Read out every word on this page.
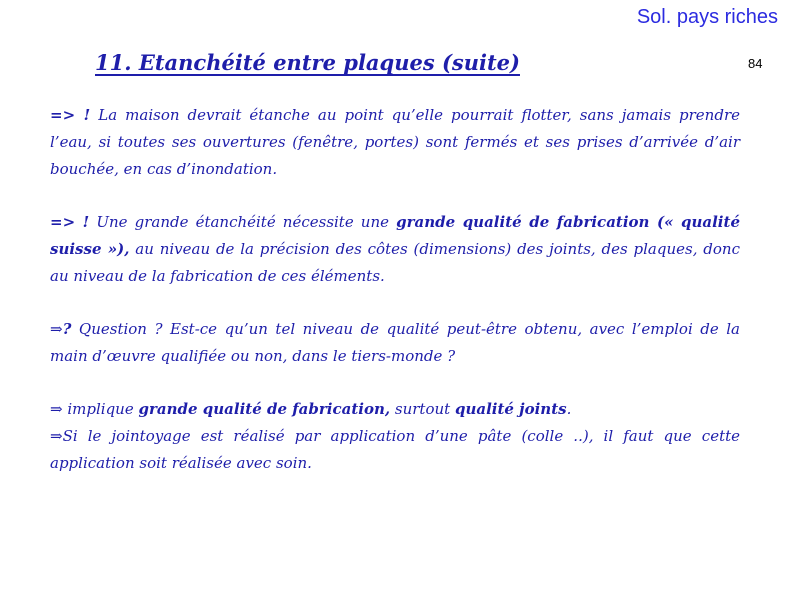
Sol. pays riches
11. Etanchéité entre plaques (suite)	84

=> ! La maison devrait étanche au point qu’elle pourrait flotter, sans jamais prendre l’eau, si toutes ses ouvertures (fenêtre, portes) sont fermés et ses prises d’arrivée d’air bouchée, en cas d’inondation.

=> ! Une grande étanchéité nécessite une grande qualité de fabrication (« qualité suisse »), au niveau de la précision des côtes (dimensions) des joints, des plaques, donc au niveau de la fabrication de ces éléments.

⇒? Question ? Est-ce qu’un tel niveau de qualité peut-être obtenu, avec l’emploi de la main d’œuvre qualifiée ou non, dans le tiers-monde ?

⇒ implique grande qualité de fabrication, surtout qualité joints.

⇒Si le jointoyage est réalisé par application d’une pâte (colle ..), il faut que cette application soit réalisée avec soin.
